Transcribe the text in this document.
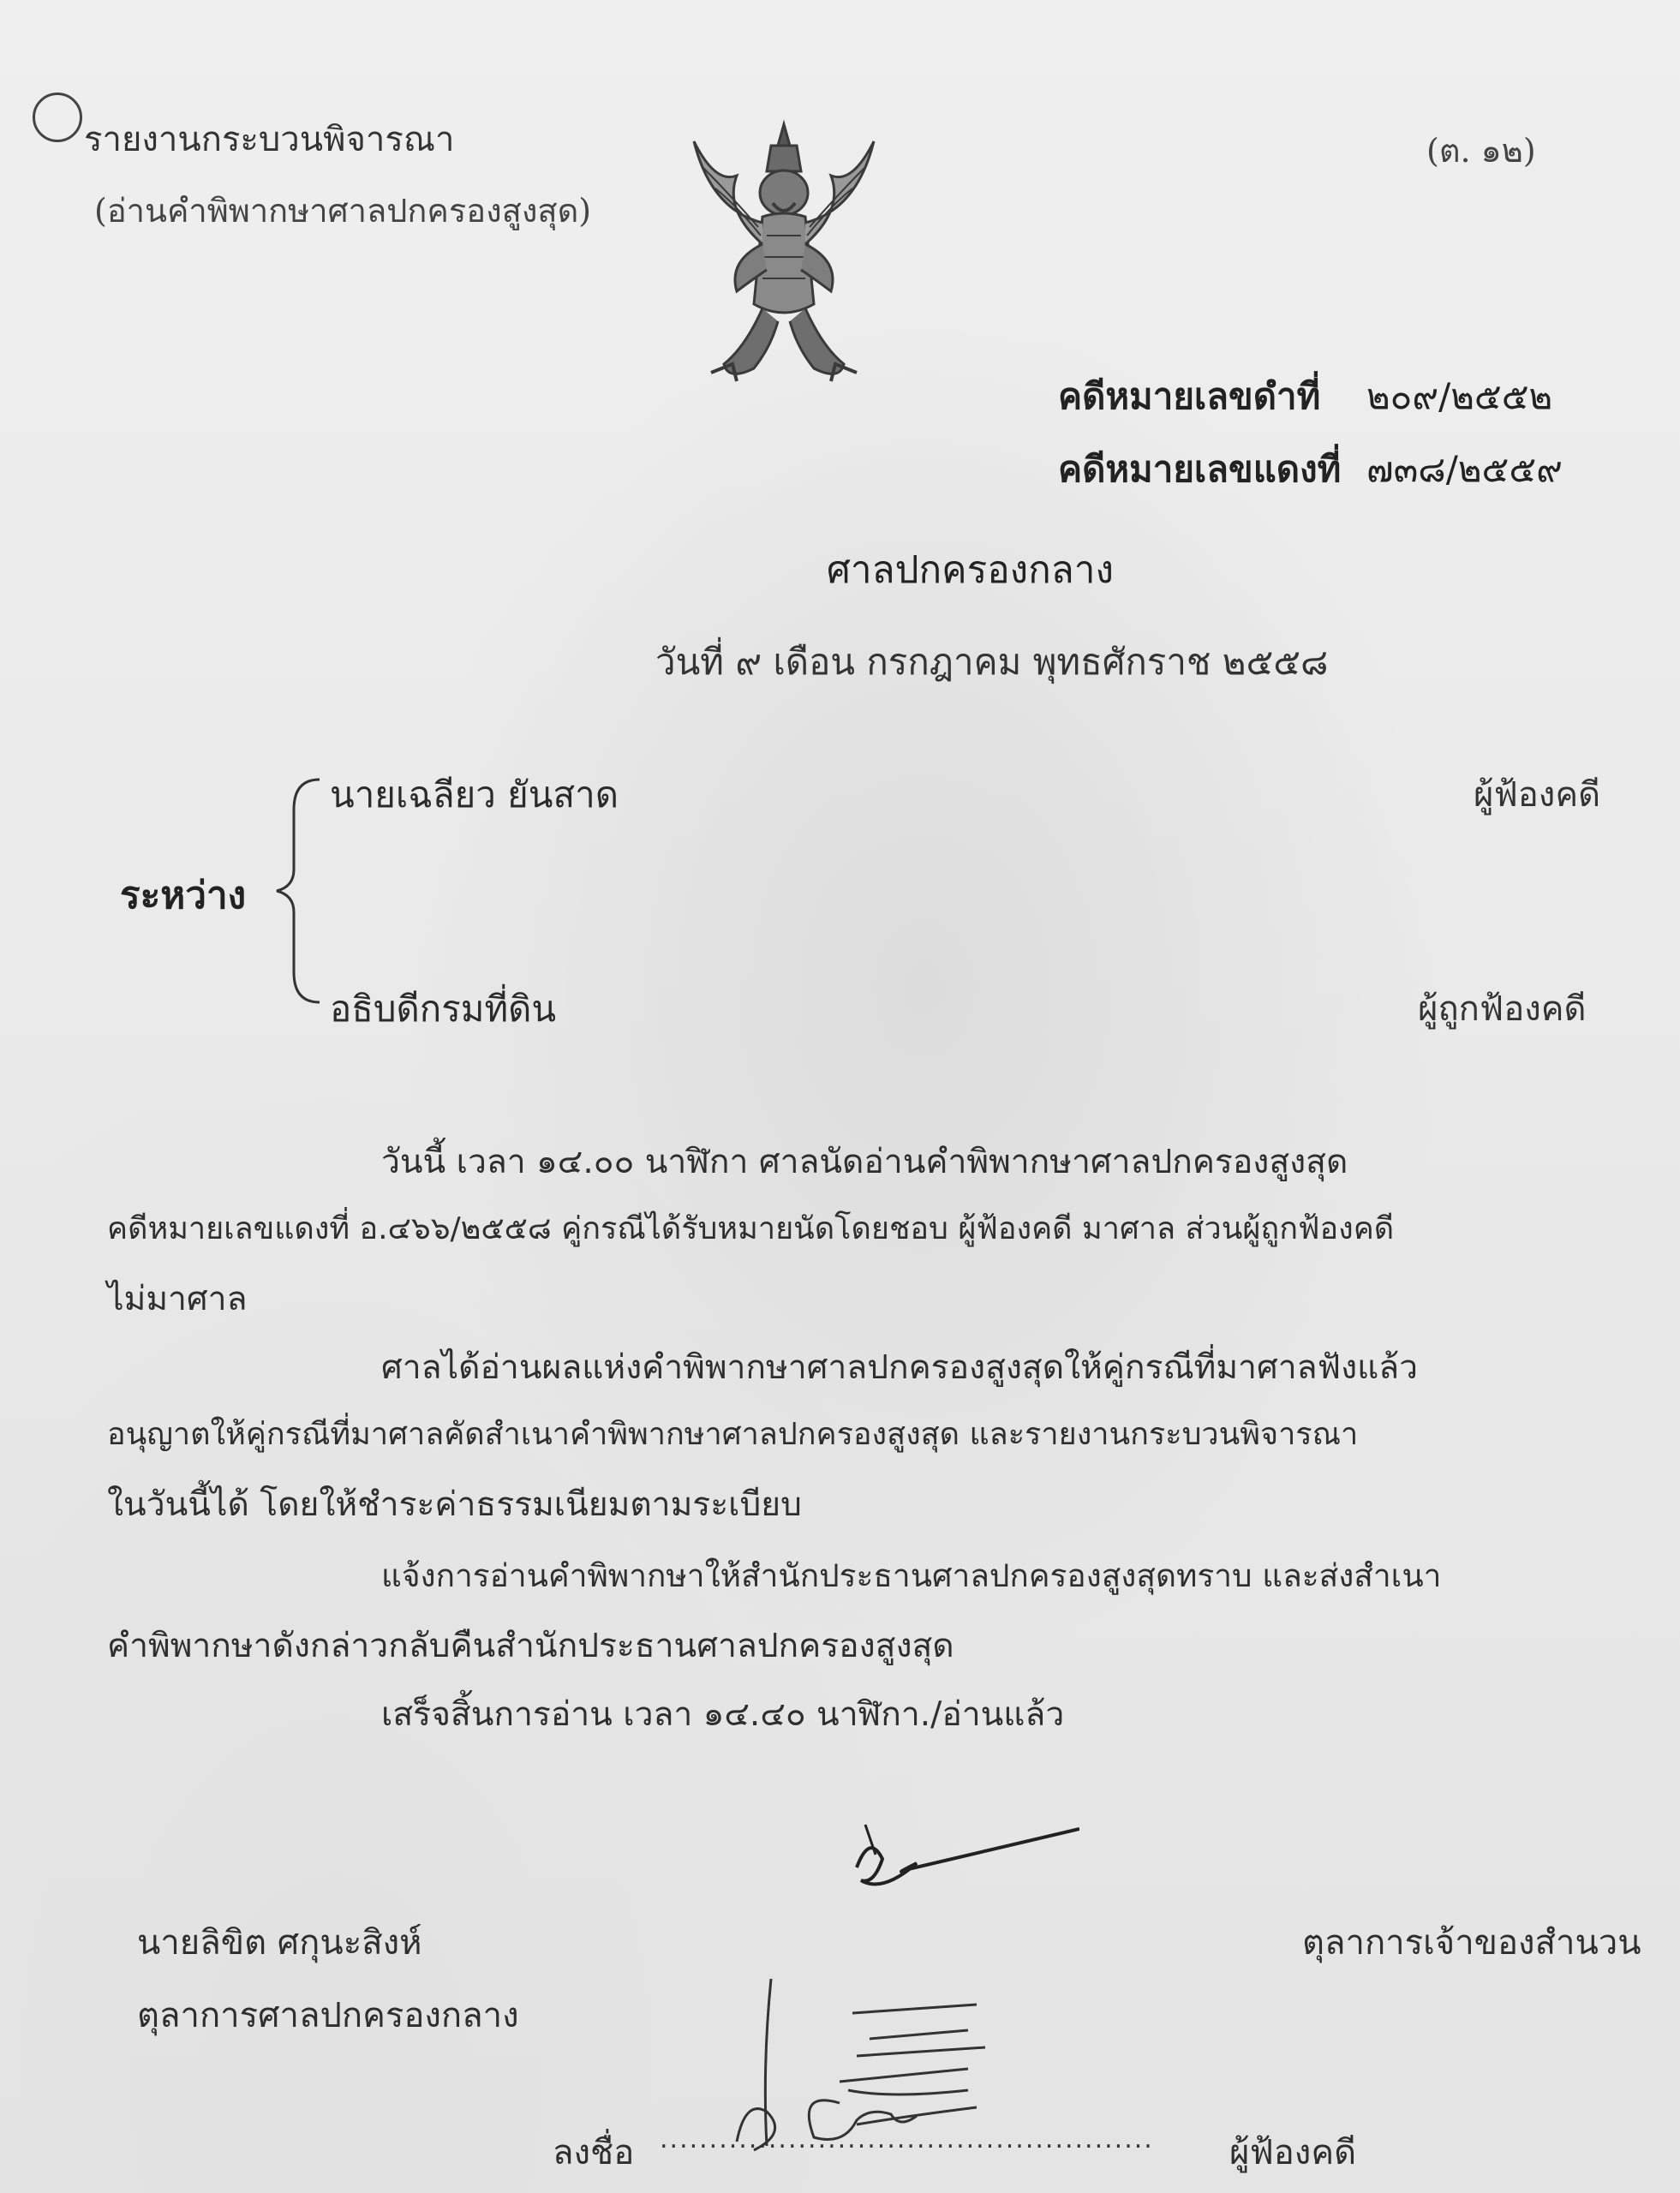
รายงานกระบวนพิจารณา
(อ่านคำพิพากษาศาลปกครองสูงสุด)
(ต. ๑๒)
คดีหมายเลขดำที่ ๒๐๙/๒๕๕๒
คดีหมายเลขแดงที่ ๗๓๘/๒๕๕๙
ศาลปกครองกลาง
วันที่ ๙ เดือน กรกฎาคม พุทธศักราช ๒๕๕๘
ระหว่าง
นายเฉลียว ยันสาด	ผู้ฟ้องคดี
อธิบดีกรมที่ดิน	ผู้ถูกฟ้องคดี
วันนี้ เวลา ๑๔.๐๐ นาฬิกา ศาลนัดอ่านคำพิพากษาศาลปกครองสูงสุด
คดีหมายเลขแดงที่ อ.๔๖๖/๒๕๕๘ คู่กรณีได้รับหมายนัดโดยชอบ ผู้ฟ้องคดี มาศาล ส่วนผู้ถูกฟ้องคดี
ไม่มาศาล
ศาลได้อ่านผลแห่งคำพิพากษาศาลปกครองสูงสุดให้คู่กรณีที่มาศาลฟังแล้ว
อนุญาตให้คู่กรณีที่มาศาลคัดสำเนาคำพิพากษาศาลปกครองสูงสุด และรายงานกระบวนพิจารณา
ในวันนี้ได้ โดยให้ชำระค่าธรรมเนียมตามระเบียบ
แจ้งการอ่านคำพิพากษาให้สำนักประธานศาลปกครองสูงสุดทราบ และส่งสำเนา
คำพิพากษาดังกล่าวกลับคืนสำนักประธานศาลปกครองสูงสุด
เสร็จสิ้นการอ่าน เวลา ๑๔.๔๐ นาฬิกา./อ่านแล้ว
นายลิขิต ศกุนะสิงห์
ตุลาการศาลปกครองกลาง
ตุลาการเจ้าของสำนวน
ลงชื่อ .................................................. ผู้ฟ้องคดี
